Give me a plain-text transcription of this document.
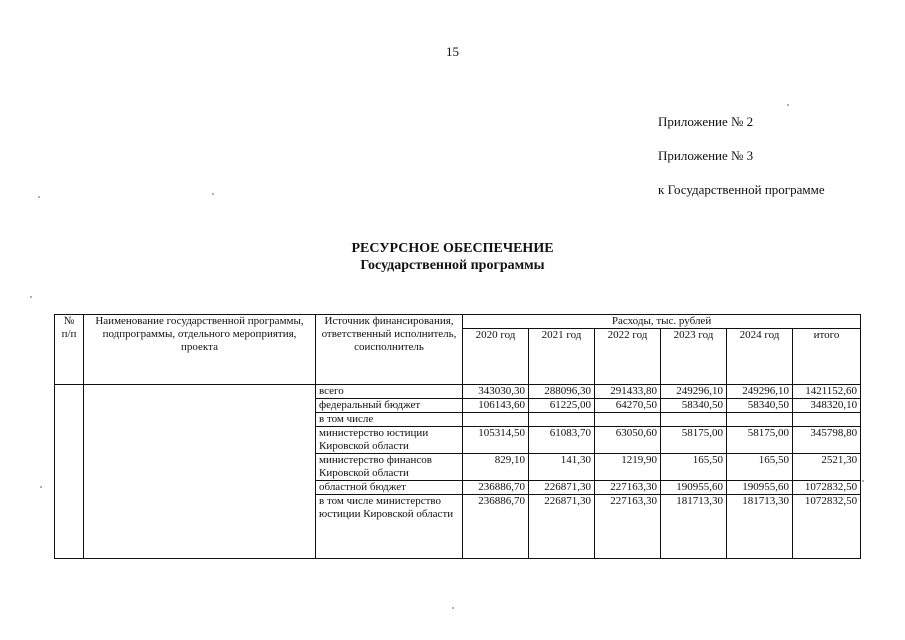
15
Приложение № 2
Приложение № 3
к Государственной программе
РЕСУРСНОЕ ОБЕСПЕЧЕНИЕ
Государственной программы
№ п/п	Наименование государственной программы, подпрограммы, отдельного мероприятия, проекта	Источник финансирования, ответственный исполнитель, соисполнитель	Расходы, тыс. рублей					
			2020 год	2021 год	2022 год	2023 год	2024 год	итого
		всего	343030,30	288096,30	291433,80	249296,10	249296,10	1421152,60
		федеральный бюджет	106143,60	61225,00	64270,50	58340,50	58340,50	348320,10
		в том числе						
		министерство юстиции Кировской области	105314,50	61083,70	63050,60	58175,00	58175,00	345798,80
		министерство финансов Кировской области	829,10	141,30	1219,90	165,50	165,50	2521,30
		областной бюджет	236886,70	226871,30	227163,30	190955,60	190955,60	1072832,50
		в том числе министерство юстиции Кировской области	236886,70	226871,30	227163,30	181713,30	181713,30	1072832,50
